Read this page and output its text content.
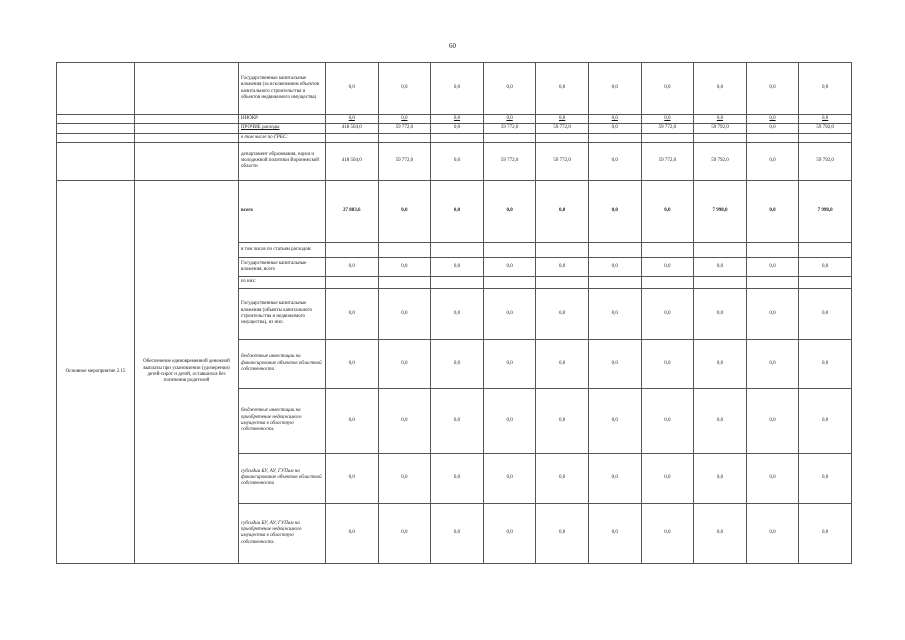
60
		Государственные капитальные вложения (за исключением объектов капитального строительства и объектов недвижимого имущества)	0,0	0,0	0,0	0,0	0,0	0,0	0,0	0,0	0,0	0,0
		НИОКР	0,0	0,0	0,0	0,0	0,0	0,0	0,0	0,0	0,0	0,0
		ПРОЧИЕ расходы	418 504,0	59 772,0	0,0	59 772,0	59 772,0	0,0	59 772,0	59 792,0	0,0	59 792,0
		в том числе по ГРБС:										
		департамент образования, науки и молодежной политики Воронежской области	418 504,0	59 772,0	0,0	59 772,0	59 772,0	0,0	59 772,0	59 792,0	0,0	59 792,0
Основное мероприятие 2.15	Обеспечение единовременной денежной выплаты при усыновлении (удочерении) детей-сирот и детей, оставшихся без попечения родителей	всего	27 883,6	0,0	0,0	0,0	0,0	0,0	0,0	7 998,0	0,0	7 998,0
		в том числе по статьям расходов:										
		Государственные капитальные вложения, всего	0,0	0,0	0,0	0,0	0,0	0,0	0,0	0,0	0,0	0,0
		из них:										
		Государственные капитальные вложения (объекты капитального строительства и недвижимого имущества), из них:	0,0	0,0	0,0	0,0	0,0	0,0	0,0	0,0	0,0	0,0
		бюджетные инвестиции на финансирование объектов областной собственности	0,0	0,0	0,0	0,0	0,0	0,0	0,0	0,0	0,0	0,0
		бюджетные инвестиции на приобретение недвижимого имущества в областную собственность	0,0	0,0	0,0	0,0	0,0	0,0	0,0	0,0	0,0	0,0
		субсидии БУ, АУ, ГУПам на финансирование объектов областной собственности	0,0	0,0	0,0	0,0	0,0	0,0	0,0	0,0	0,0	0,0
		субсидии БУ, АУ, ГУПам на приобретение недвижимого имущества в областную собственность	0,0	0,0	0,0	0,0	0,0	0,0	0,0	0,0	0,0	0,0
